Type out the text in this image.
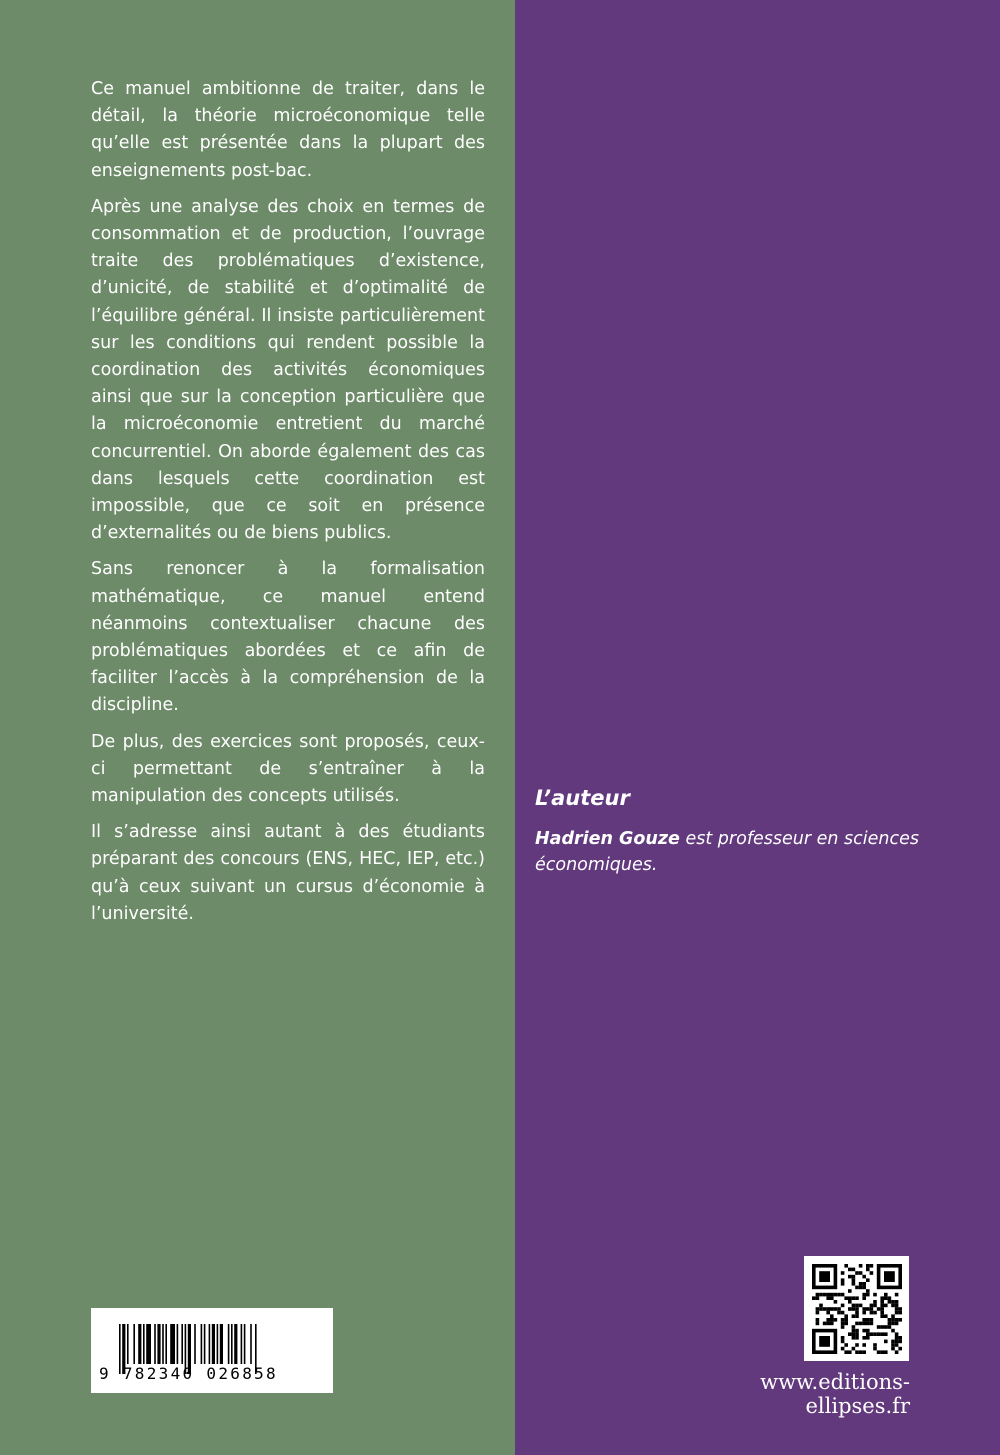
Ce manuel ambitionne de traiter, dans le détail, la théorie microéconomique telle qu’elle est présentée dans la plupart des enseignements post-bac.

Après une analyse des choix en termes de consommation et de production, l’ouvrage traite des problématiques d’existence, d’unicité, de stabilité et d’optimalité de l’équilibre général. Il insiste particulièrement sur les conditions qui rendent possible la coordination des activités économiques ainsi que sur la conception particulière que la microéconomie entretient du marché concurrentiel. On aborde également des cas dans lesquels cette coordination est impossible, que ce soit en présence d’externalités ou de biens publics.

Sans renoncer à la formalisation mathématique, ce manuel entend néanmoins contextualiser chacune des problématiques abordées et ce afin de faciliter l’accès à la compréhension de la discipline.

De plus, des exercices sont proposés, ceux-ci permettant de s’entraîner à la manipulation des concepts utilisés.

Il s’adresse ainsi autant à des étudiants préparant des concours (ENS, HEC, IEP, etc.) qu’à ceux suivant un cursus d’économie à l’université.

L’auteur

Hadrien Gouze est professeur en sciences économiques.

9 782340 026858	www.editions-ellipses.fr
